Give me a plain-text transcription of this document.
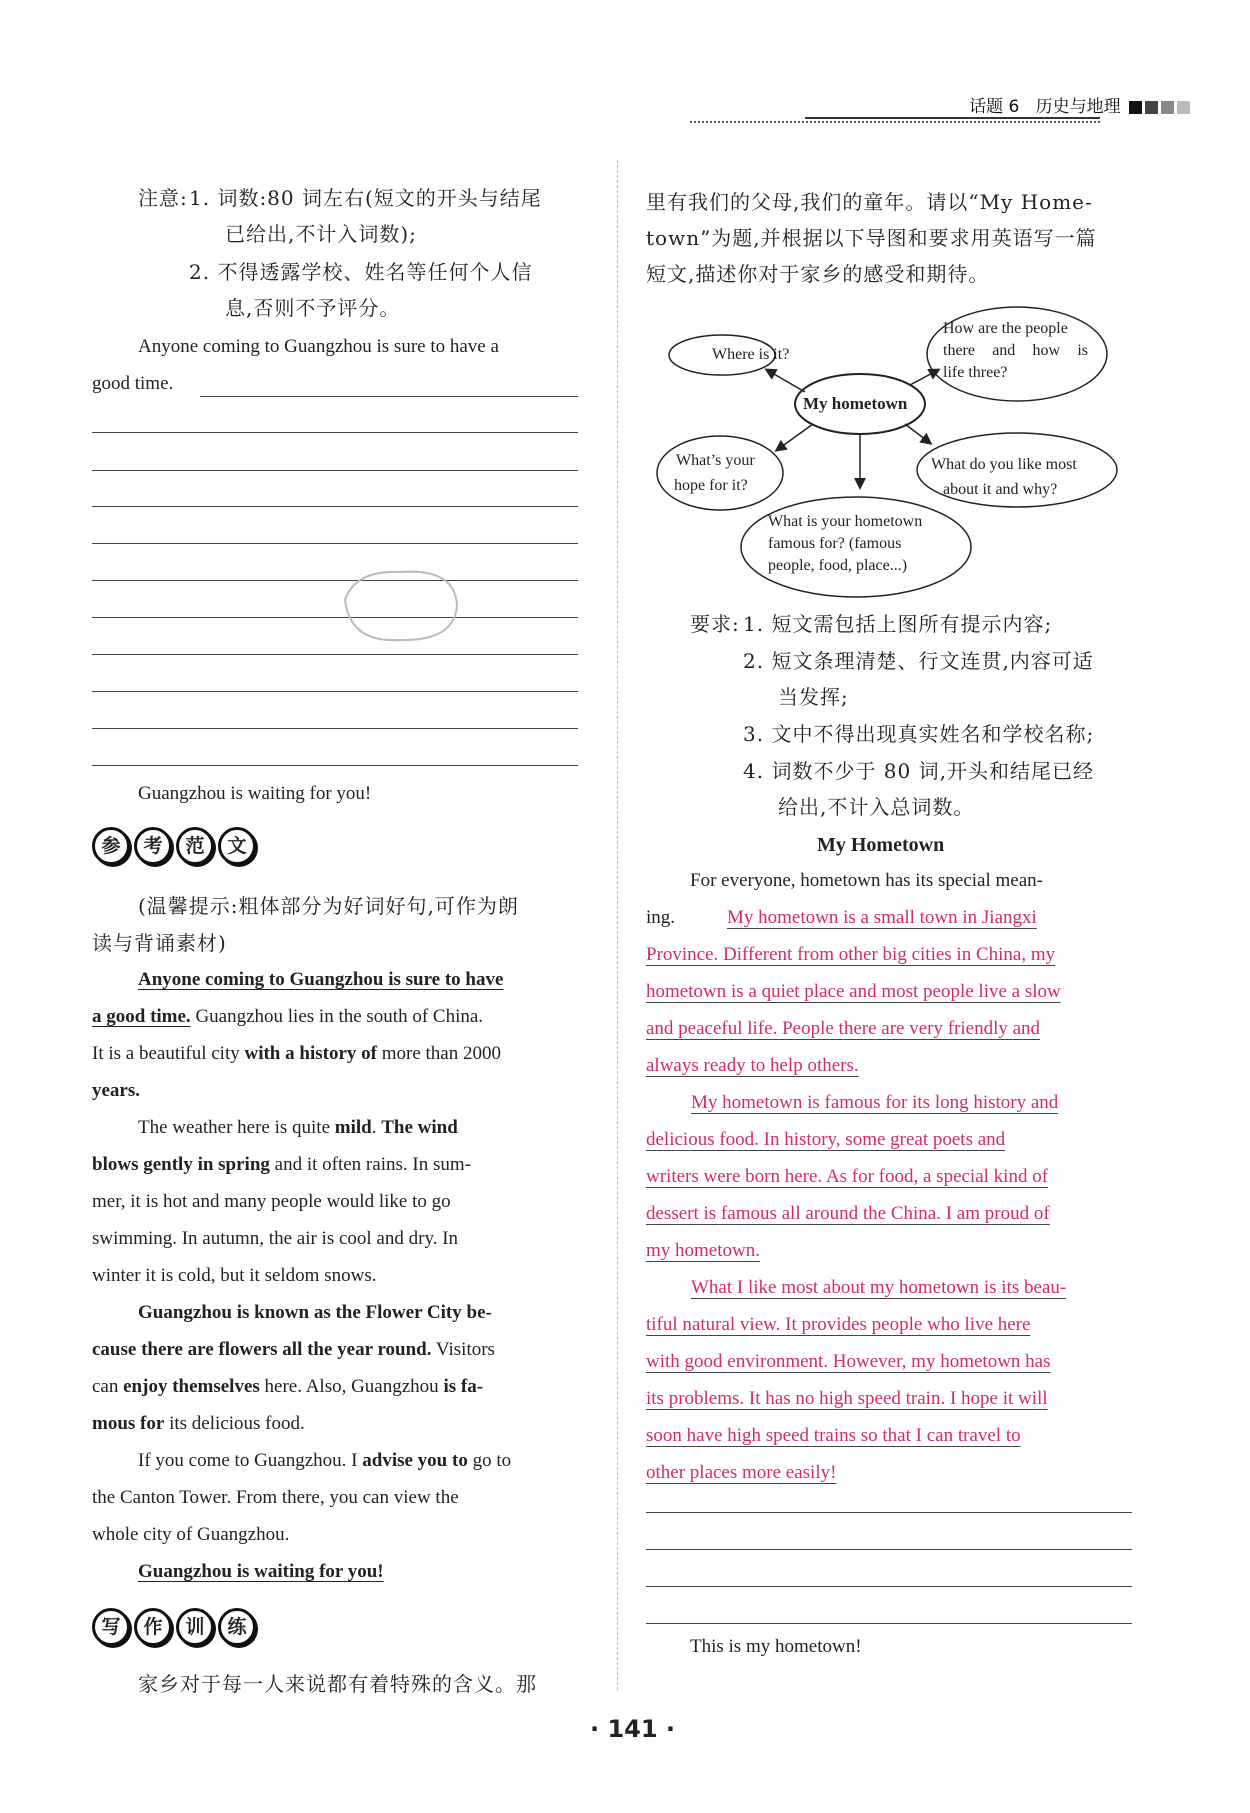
话题 6 历史与地理
注意: 1. 词数:80 词左右(短文的开头与结尾
已给出,不计入词数);
2. 不得透露学校、姓名等任何个人信
息,否则不予评分。
Anyone coming to Guangzhou is sure to have a
good time.
Guangzhou is waiting for you!
参	考	范	文
(温馨提示:粗体部分为好词好句,可作为朗
读与背诵素材)
Anyone coming to Guangzhou is sure to have
a good time. Guangzhou lies in the south of China.
It is a beautiful city with a history of more than 2000
years.
The weather here is quite mild. The wind
blows gently in spring and it often rains. In sum-
mer, it is hot and many people would like to go
swimming. In autumn, the air is cool and dry. In
winter it is cold, but it seldom snows.
Guangzhou is known as the Flower City be-
cause there are flowers all the year round. Visitors
can enjoy themselves here. Also, Guangzhou is fa-
mous for its delicious food.
If you come to Guangzhou. I advise you to go to
the Canton Tower. From there, you can view the
whole city of Guangzhou.
Guangzhou is waiting for you!
写	作	训	练
家乡对于每一人来说都有着特殊的含义。那
里有我们的父母,我们的童年。请以“My Home-
town”为题,并根据以下导图和要求用英语写一篇
短文,描述你对于家乡的感受和期待。
Where is it?
How are the people
there and how is
life three?
My hometown
What’s your
hope for it?
What do you like most
about it and why?
What is your hometown
famous for? (famous
people, food, place...)
要求: 1. 短文需包括上图所有提示内容;
2. 短文条理清楚、行文连贯,内容可适
当发挥;
3. 文中不得出现真实姓名和学校名称;
4. 词数不少于 80 词,开头和结尾已经
给出,不计入总词数。
My Hometown
For everyone, hometown has its special mean-
ing.	My hometown is a small town in Jiangxi
Province. Different from other big cities in China, my
hometown is a quiet place and most people live a slow
and peaceful life. People there are very friendly and
always ready to help others.
My hometown is famous for its long history and
delicious food. In history, some great poets and
writers were born here. As for food, a special kind of
dessert is famous all around the China. I am proud of
my hometown.
What I like most about my hometown is its beau-
tiful natural view. It provides people who live here
with good environment. However, my hometown has
its problems. It has no high speed train. I hope it will
soon have high speed trains so that I can travel to
other places more easily!
This is my hometown!
· 141 ·
